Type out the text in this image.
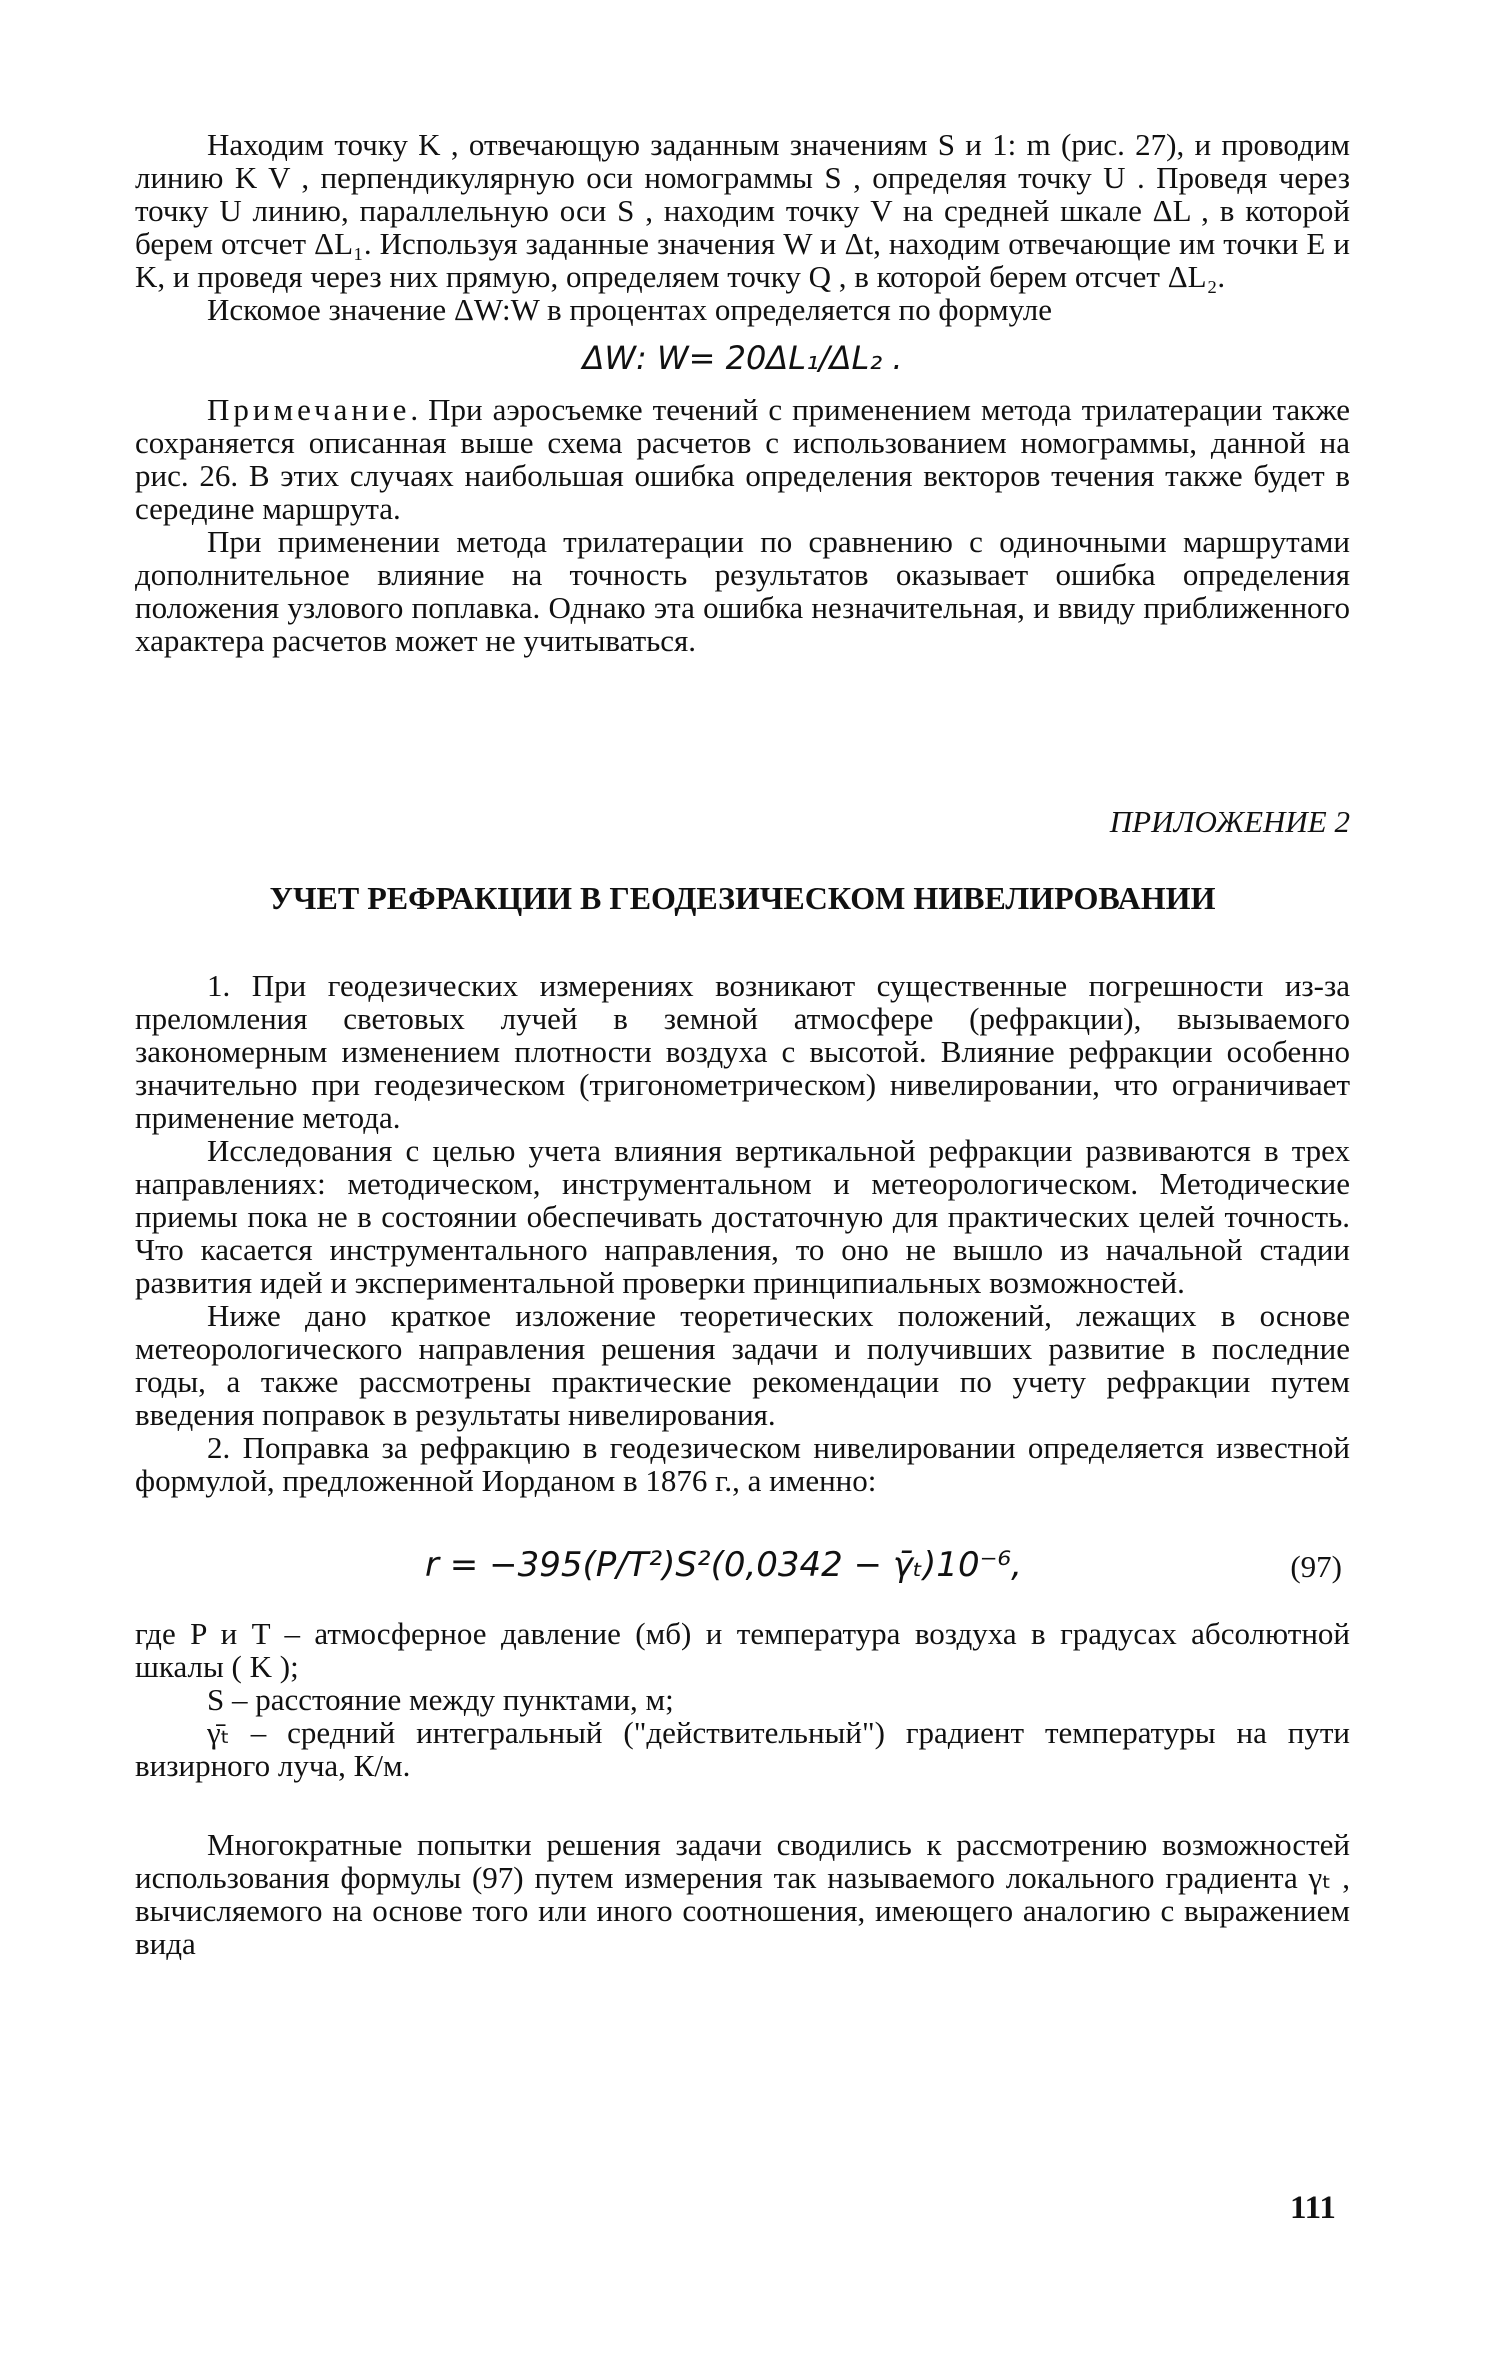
Находим точку K , отвечающую заданным значениям S и 1: m (рис. 27), и проводим линию K V , перпендикулярную оси номограммы S , определяя точку U . Проведя через точку U линию, параллельную оси S , находим точку V на средней шкале ΔL , в которой берем отсчет ΔL₁. Используя заданные значения W и Δt, находим отвечающие им точки E и K, и проведя через них прямую, определяем точку Q , в которой берем отсчет ΔL₂.

Искомое значение ΔW:W в процентах определяется по формуле

ΔW: W= 20ΔL₁/ΔL₂ .

Примечание. При аэросъемке течений с применением метода трилатерации также сохраняется описанная выше схема расчетов с использованием номограммы, данной на рис. 26. В этих случаях наибольшая ошибка определения векторов течения также будет в середине маршрута.

При применении метода трилатерации по сравнению с одиночными маршрутами дополнительное влияние на точность результатов оказывает ошибка определения положения узлового поплавка. Однако эта ошибка незначительная, и ввиду приближенного характера расчетов может не учитываться.

ПРИЛОЖЕНИЕ 2

УЧЕТ РЕФРАКЦИИ В ГЕОДЕЗИЧЕСКОМ НИВЕЛИРОВАНИИ

1. При геодезических измерениях возникают существенные погрешности из-за преломления световых лучей в земной атмосфере (рефракции), вызываемого закономерным изменением плотности воздуха с высотой. Влияние рефракции особенно значительно при геодезическом (тригонометрическом) нивелировании, что ограничивает применение метода.

Исследования с целью учета влияния вертикальной рефракции развиваются в трех направлениях: методическом, инструментальном и метеорологическом. Методические приемы пока не в состоянии обеспечивать достаточную для практических целей точность. Что касается инструментального направления, то оно не вышло из начальной стадии развития идей и экспериментальной проверки принципиальных возможностей.

Ниже дано краткое изложение теоретических положений, лежащих в основе метеорологического направления решения задачи и получивших развитие в последние годы, а также рассмотрены практические рекомендации по учету рефракции путем введения поправок в результаты нивелирования.

2. Поправка за рефракцию в геодезическом нивелировании определяется известной формулой, предложенной Иорданом в 1876 г., а именно:

r = −395(P/T²)S²(0,0342 − γ̄ₜ)10⁻⁶,	(97)

где P и T – атмосферное давление (мб) и температура воздуха в градусах абсолютной шкалы ( K );

S – расстояние между пунктами, м;

γ̄ₜ – средний интегральный ("действительный") градиент температуры на пути визирного луча, К/м.

Многократные попытки решения задачи сводились к рассмотрению возможностей использования формулы (97) путем измерения так называемого локального градиента γₜ , вычисляемого на основе того или иного соотношения, имеющего аналогию с выражением вида

111
